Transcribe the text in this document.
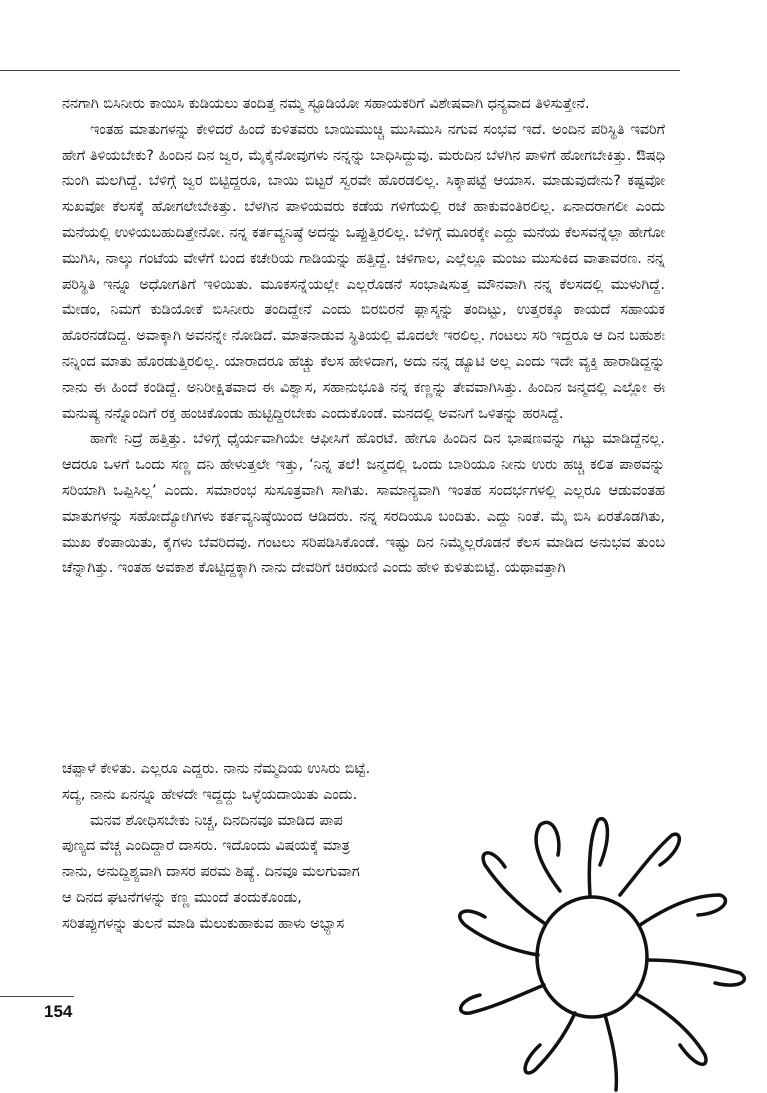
ನನಗಾಗಿ ಬಿಸಿನೀರು ಕಾಯಿಸಿ ಕುಡಿಯಲು ತಂದಿತ್ತ ನಮ್ಮ ಸ್ಟೂಡಿಯೋ ಸಹಾಯಕರಿಗೆ ವಿಶೇಷವಾಗಿ ಧನ್ಯವಾದ ತಿಳಿಸುತ್ತೇನೆ.

ಇಂತಹ ಮಾತುಗಳನ್ನು ಕೇಳಿದರೆ ಹಿಂದೆ ಕುಳಿತವರು ಬಾಯಿಮುಚ್ಚಿ ಮುಸಿಮುಸಿ ನಗುವ ಸಂಭವ ಇದೆ. ಅಂದಿನ ಪರಿಸ್ಥಿತಿ ಇವರಿಗೆ ಹೇಗೆ ತಿಳಿಯಬೇಕು? ಹಿಂದಿನ ದಿನ ಜ್ವರ, ಮೈಕೈನೋವುಗಳು ನನ್ನನ್ನು ಬಾಧಿಸಿದ್ದುವು. ಮರುದಿನ ಬೆಳಗಿನ ಪಾಳಿಗೆ ಹೋಗಬೇಕಿತ್ತು. ಔಷಧಿ ನುಂಗಿ ಮಲಗಿದ್ದೆ. ಬೆಳಿಗ್ಗೆ ಜ್ವರ ಬಿಟ್ಟಿದ್ದರೂ, ಬಾಯಿ ಬಿಟ್ಟರೆ ಸ್ವರವೇ ಹೊರಡಲಿಲ್ಲ. ಸಿಕ್ಕಾಪಟ್ಟೆ ಆಯಾಸ. ಮಾಡುವುದೇನು? ಕಷ್ಟವೋ ಸುಖವೋ ಕೆಲಸಕ್ಕೆ ಹೋಗಲೇಬೇಕಿತ್ತು. ಬೆಳಗಿನ ಪಾಳಿಯವರು ಕಡೆಯ ಗಳಿಗೆಯಲ್ಲಿ ರಜೆ ಹಾಕುವಂತಿರಲಿಲ್ಲ. ಏನಾದರಾಗಲೀ ಎಂದು ಮನೆಯಲ್ಲಿ ಉಳಿಯಬಹುದಿತ್ತೇನೋ. ನನ್ನ ಕರ್ತವ್ಯನಿಷ್ಠೆ ಅದನ್ನು ಒಪ್ಪುತ್ತಿರಲಿಲ್ಲ. ಬೆಳಿಗ್ಗೆ ಮೂರಕ್ಕೇ ಎದ್ದು ಮನೆಯ ಕೆಲಸವನ್ನೆಲ್ಲಾ ಹೇಗೋ ಮುಗಿಸಿ, ನಾಲ್ಕು ಗಂಟೆಯ ವೇಳೆಗೆ ಬಂದ ಕಚೇರಿಯ ಗಾಡಿಯನ್ನು ಹತ್ತಿದ್ದೆ. ಚಳಿಗಾಲ, ಎಲ್ಲೆಲ್ಲೂ ಮಂಜು ಮುಸುಕಿದ ವಾತಾವರಣ. ನನ್ನ ಪರಿಸ್ಥಿತಿ ಇನ್ನೂ ಅಧೋಗತಿಗೆ ಇಳಿಯಿತು. ಮೂಕಸನ್ನೆಯಲ್ಲೇ ಎಲ್ಲರೊಡನೆ ಸಂಭಾಷಿಸುತ್ತ ಮೌನವಾಗಿ ನನ್ನ ಕೆಲಸದಲ್ಲಿ ಮುಳುಗಿದ್ದೆ. ಮೇಡಂ, ನಿಮಗೆ ಕುಡಿಯೋಕೆ ಬಿಸಿನೀರು ತಂದಿದ್ದೇನೆ ಎಂದು ಬಿರಬಿರನೆ ಫ್ಲಾಸ್ಕನ್ನು ತಂದಿಟ್ಟು, ಉತ್ತರಕ್ಕೂ ಕಾಯದೆ ಸಹಾಯಕ ಹೊರನಡೆದಿದ್ದ. ಅವಾಕ್ಕಾಗಿ ಅವನನ್ನೇ ನೋಡಿದೆ. ಮಾತನಾಡುವ ಸ್ಥಿತಿಯಲ್ಲಿ ಮೊದಲೇ ಇರಲಿಲ್ಲ. ಗಂಟಲು ಸರಿ ಇದ್ದರೂ ಆ ದಿನ ಬಹುಶಃ ನನ್ನಿಂದ ಮಾತು ಹೊರಡುತ್ತಿರಲಿಲ್ಲ. ಯಾರಾದರೂ ಹೆಚ್ಚು ಕೆಲಸ ಹೇಳಿದಾಗ, ಅದು ನನ್ನ ಡ್ಯೂಟಿ ಅಲ್ಲ ಎಂದು ಇದೇ ವ್ಯಕ್ತಿ ಹಾರಾಡಿದ್ದನ್ನು ನಾನು ಈ ಹಿಂದೆ ಕಂಡಿದ್ದೆ. ಅನಿರೀಕ್ಷಿತವಾದ ಈ ವಿಶ್ವಾಸ, ಸಹಾನುಭೂತಿ ನನ್ನ ಕಣ್ಣನ್ನು ತೇವವಾಗಿಸಿತ್ತು. ಹಿಂದಿನ ಜನ್ಮದಲ್ಲಿ ಎಲ್ಲೋ ಈ ಮನುಷ್ಯ ನನ್ನೊಂದಿಗೆ ರಕ್ತ ಹಂಚಿಕೊಂಡು ಹುಟ್ಟಿದ್ದಿರಬೇಕು ಎಂದುಕೊಂಡೆ. ಮನದಲ್ಲಿ ಅವನಿಗೆ ಒಳಿತನ್ನು ಹರಸಿದ್ದೆ.

ಹಾಗೇ ನಿದ್ರೆ ಹತ್ತಿತ್ತು. ಬೆಳಿಗ್ಗೆ ಧೈರ್ಯವಾಗಿಯೇ ಆಫೀಸಿಗೆ ಹೊರಟೆ. ಹೇಗೂ ಹಿಂದಿನ ದಿನ ಭಾಷಣವನ್ನು ಗಟ್ಟು ಮಾಡಿದ್ದೆನಲ್ಲ. ಆದರೂ ಒಳಗೆ ಒಂದು ಸಣ್ಣ ದನಿ ಹೇಳುತ್ತಲೇ ಇತ್ತು, ‘ನಿನ್ನ ತಲೆ! ಜನ್ಮದಲ್ಲಿ ಒಂದು ಬಾರಿಯೂ ನೀನು ಉರು ಹಚ್ಚಿ ಕಲಿತ ಪಾಠವನ್ನು ಸರಿಯಾಗಿ ಒಪ್ಪಿಸಿಲ್ಲ’ ಎಂದು. ಸಮಾರಂಭ ಸುಸೂತ್ರವಾಗಿ ಸಾಗಿತು. ಸಾಮಾನ್ಯವಾಗಿ ಇಂತಹ ಸಂದರ್ಭಗಳಲ್ಲಿ ಎಲ್ಲರೂ ಆಡುವಂತಹ ಮಾತುಗಳನ್ನು ಸಹೋದ್ಯೋಗಿಗಳು ಕರ್ತವ್ಯನಿಷ್ಠೆಯಿಂದ ಆಡಿದರು. ನನ್ನ ಸರದಿಯೂ ಬಂದಿತು. ಎದ್ದು ನಿಂತೆ. ಮೈ ಬಿಸಿ ಏರತೊಡಗಿತು, ಮುಖ ಕೆಂಪಾಯಿತು, ಕೈಗಳು ಬೆವರಿದವು. ಗಂಟಲು ಸರಿಪಡಿಸಿಕೊಂಡೆ. ಇಷ್ಟು ದಿನ ನಿಮ್ಮೆಲ್ಲರೊಡನೆ ಕೆಲಸ ಮಾಡಿದ ಅನುಭವ ತುಂಬ ಚೆನ್ನಾಗಿತ್ತು. ಇಂತಹ ಅವಕಾಶ ಕೊಟ್ಟಿದ್ದಕ್ಕಾಗಿ ನಾನು ದೇವರಿಗೆ ಚಿರಋಣಿ ಎಂದು ಹೇಳಿ ಕುಳಿತುಬಿಟ್ಟೆ. ಯಥಾವತ್ತಾಗಿ

ಚಪ್ಪಾಳೆ ಕೇಳಿತು. ಎಲ್ಲರೂ ಎದ್ದರು. ನಾನು ನೆಮ್ಮದಿಯ ಉಸಿರು ಬಿಟ್ಟೆ. ಸದ್ಯ, ನಾನು ಏನನ್ನೂ ಹೇಳದೇ ಇದ್ದದ್ದು ಒಳ್ಳೆಯದಾಯಿತು ಎಂದು.

ಮನವ ಶೋಧಿಸಬೇಕು ನಿಚ್ಚ, ದಿನದಿನವೂ ಮಾಡಿದ ಪಾಪ ಪುಣ್ಯದ ವೆಚ್ಚ ಎಂದಿದ್ದಾರೆ ದಾಸರು. ಇದೊಂದು ವಿಷಯಕ್ಕೆ ಮಾತ್ರ ನಾನು, ಅನುದ್ದಿಶ್ಯವಾಗಿ ದಾಸರ ಪರಮ ಶಿಷ್ಯೆ. ದಿನವೂ ಮಲಗುವಾಗ ಆ ದಿನದ ಘಟನೆಗಳನ್ನು ಕಣ್ಣ ಮುಂದೆ ತಂದುಕೊಂಡು, ಸರಿತಪ್ಪುಗಳನ್ನು ತುಲನೆ ಮಾಡಿ ಮೆಲುಕುಹಾಕುವ ಹಾಳು ಅಭ್ಯಾಸ

154
